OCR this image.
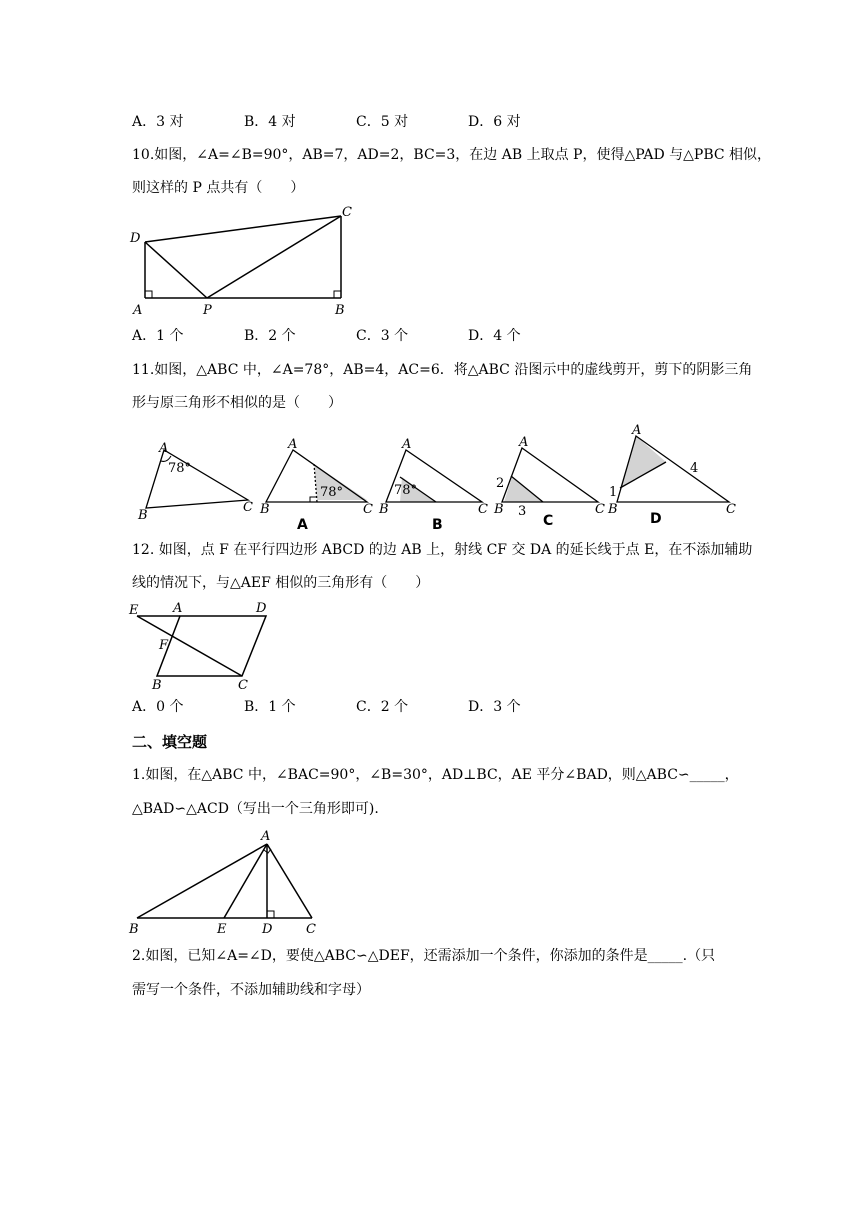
A．3 对	B．4 对	C．5 对	D．6 对
10.如图，∠A=∠B=90°，AB=7，AD=2，BC=3，在边 AB 上取点 P，使得△PAD 与△PBC 相似，
则这样的 P 点共有（　　）
D
C
A	P	B
A．1 个	B．2 个	C．3 个	D．4 个
11.如图，△ABC 中，∠A=78°，AB=4，AC=6．将△ABC 沿图示中的虚线剪开，剪下的阴影三角
形与原三角形不相似的是（　　）
A
B
C
78°
A
B	C
78°
A
A
B	C
78°
B
A
B	C
2
3
C
A
B	C
1
4
D
12. 如图，点 F 在平行四边形 ABCD 的边 AB 上，射线 CF 交 DA 的延长线于点 E，在不添加辅助
线的情况下，与△AEF 相似的三角形有（　　）
E	A	D
F
B	C
A．0 个	B．1 个	C．2 个	D．3 个
二、填空题
1.如图，在△ABC 中，∠BAC=90°，∠B=30°，AD⊥BC，AE 平分∠BAD，则△ABC∽_____，
△BAD∽△ACD（写出一个三角形即可).
A
B	E	D	C
2.如图，已知∠A=∠D，要使△ABC∽△DEF，还需添加一个条件，你添加的条件是_____.（只
需写一个条件，不添加辅助线和字母）
